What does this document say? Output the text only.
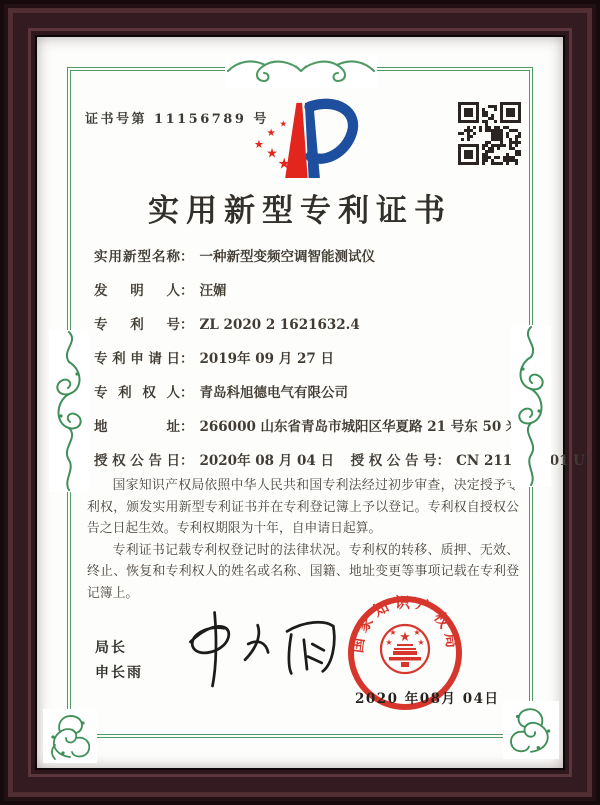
证书号第 11156789 号 ★
★
★
★
★
实用新型专利证书
实用新型名称： 一种新型变频空调智能测试仪
发明人： 汪媚
专利号： ZL 2020 2 1621632.4
专利申请日： 2019年 09 月 27 日
专利权人： 青岛科旭德电气有限公司
地址： 266000 山东省青岛市城阳区华夏路 21 号东 50 米
授权公告日： 2020年 08 月 04 日 授权公告号： CN 211179001 U

国家知识产权局依照中华人民共和国专利法经过初步审查，决定授予专利权，颁发实用新型专利证书并在专利登记簿上予以登记。专利权自授权公告之日起生效。专利权期限为十年，自申请日起算。

专利证书记载专利权登记时的法律状况。专利权的转移、质押、无效、终止、恢复和专利权人的姓名或名称、国籍、地址变更等事项记载在专利登记簿上。

局长
申长雨
国家知识产权局
★
★ ★
★	★
2020 年08月 04日
